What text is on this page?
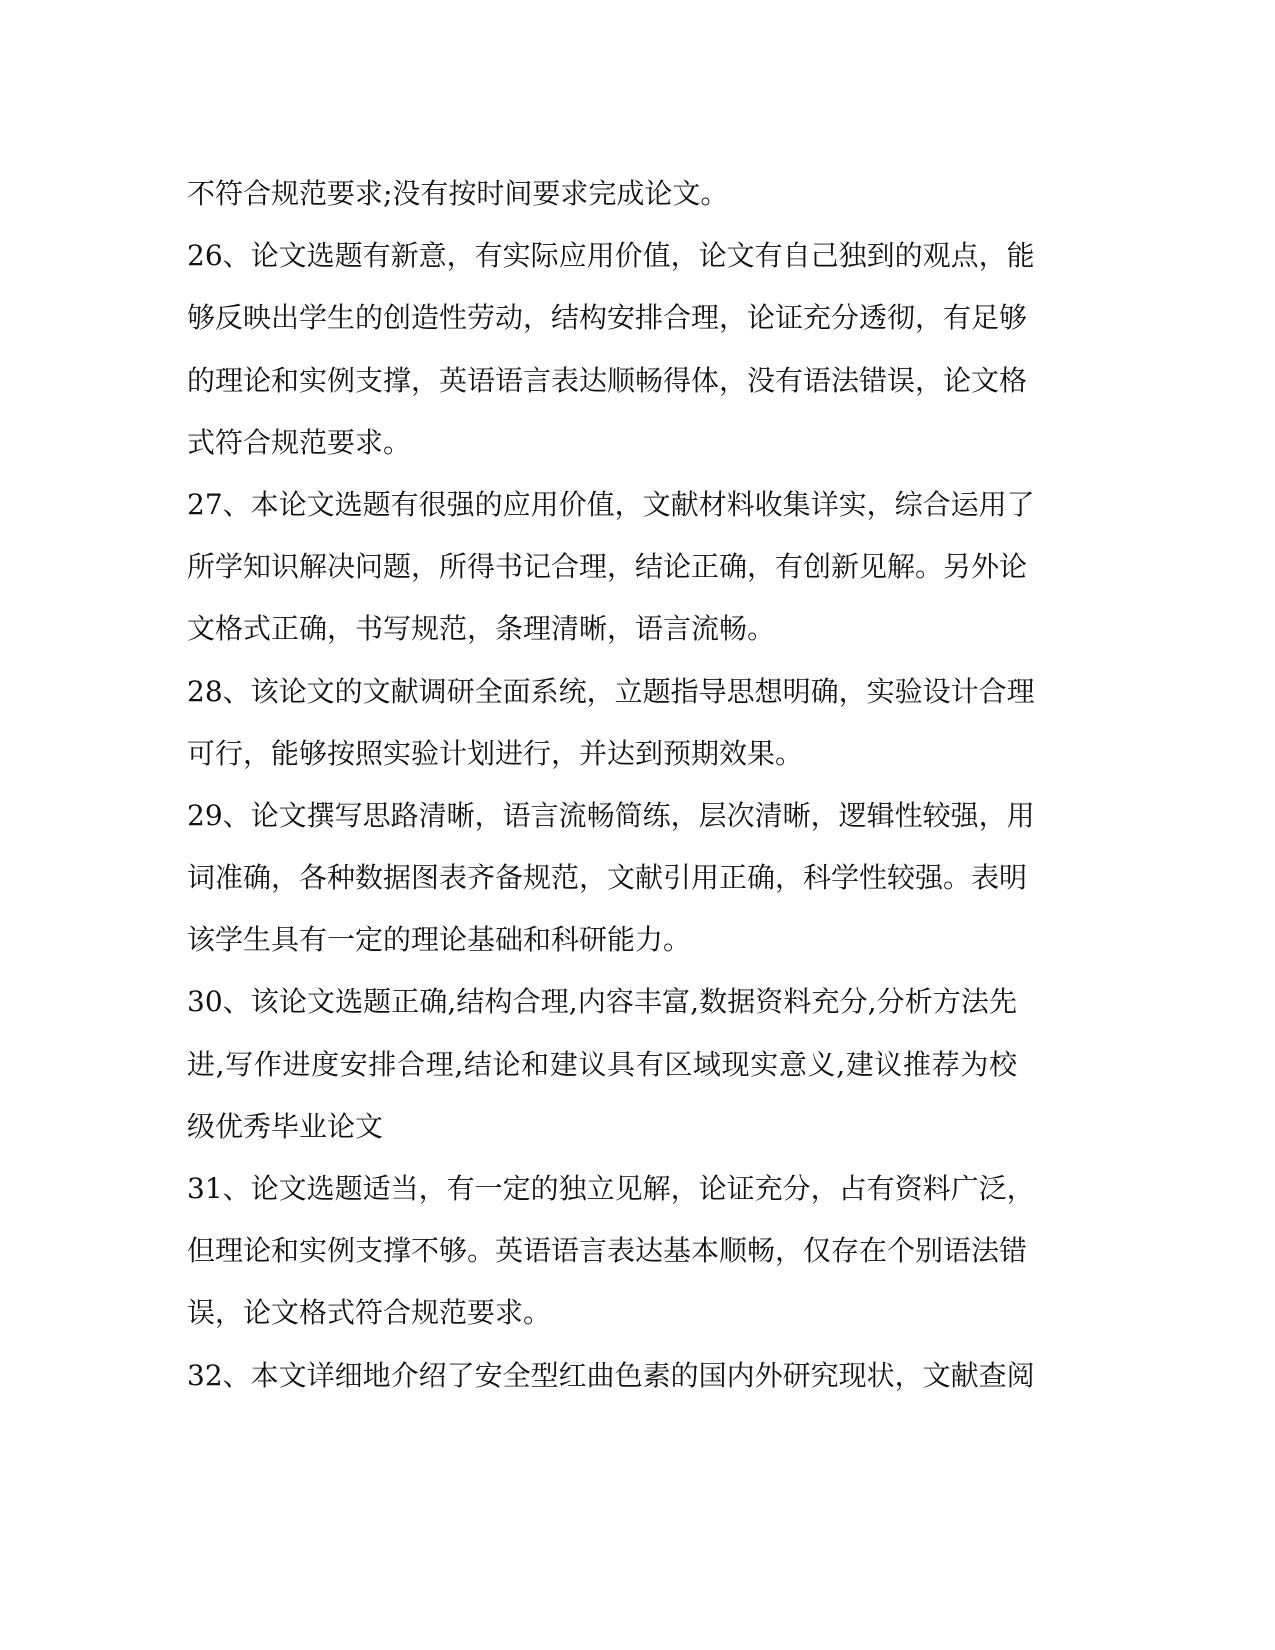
不符合规范要求;没有按时间要求完成论文。
26、论文选题有新意，有实际应用价值，论文有自己独到的观点，能
够反映出学生的创造性劳动，结构安排合理，论证充分透彻，有足够
的理论和实例支撑，英语语言表达顺畅得体，没有语法错误，论文格
式符合规范要求。
27、本论文选题有很强的应用价值，文献材料收集详实，综合运用了
所学知识解决问题，所得书记合理，结论正确，有创新见解。另外论
文格式正确，书写规范，条理清晰，语言流畅。
28、该论文的文献调研全面系统，立题指导思想明确，实验设计合理
可行，能够按照实验计划进行，并达到预期效果。
29、论文撰写思路清晰，语言流畅简练，层次清晰，逻辑性较强，用
词准确，各种数据图表齐备规范，文献引用正确，科学性较强。表明
该学生具有一定的理论基础和科研能力。
30、该论文选题正确,结构合理,内容丰富,数据资料充分,分析方法先
进,写作进度安排合理,结论和建议具有区域现实意义,建议推荐为校
级优秀毕业论文
31、论文选题适当，有一定的独立见解，论证充分，占有资料广泛，
但理论和实例支撑不够。英语语言表达基本顺畅，仅存在个别语法错
误，论文格式符合规范要求。
32、本文详细地介绍了安全型红曲色素的国内外研究现状，文献查阅
